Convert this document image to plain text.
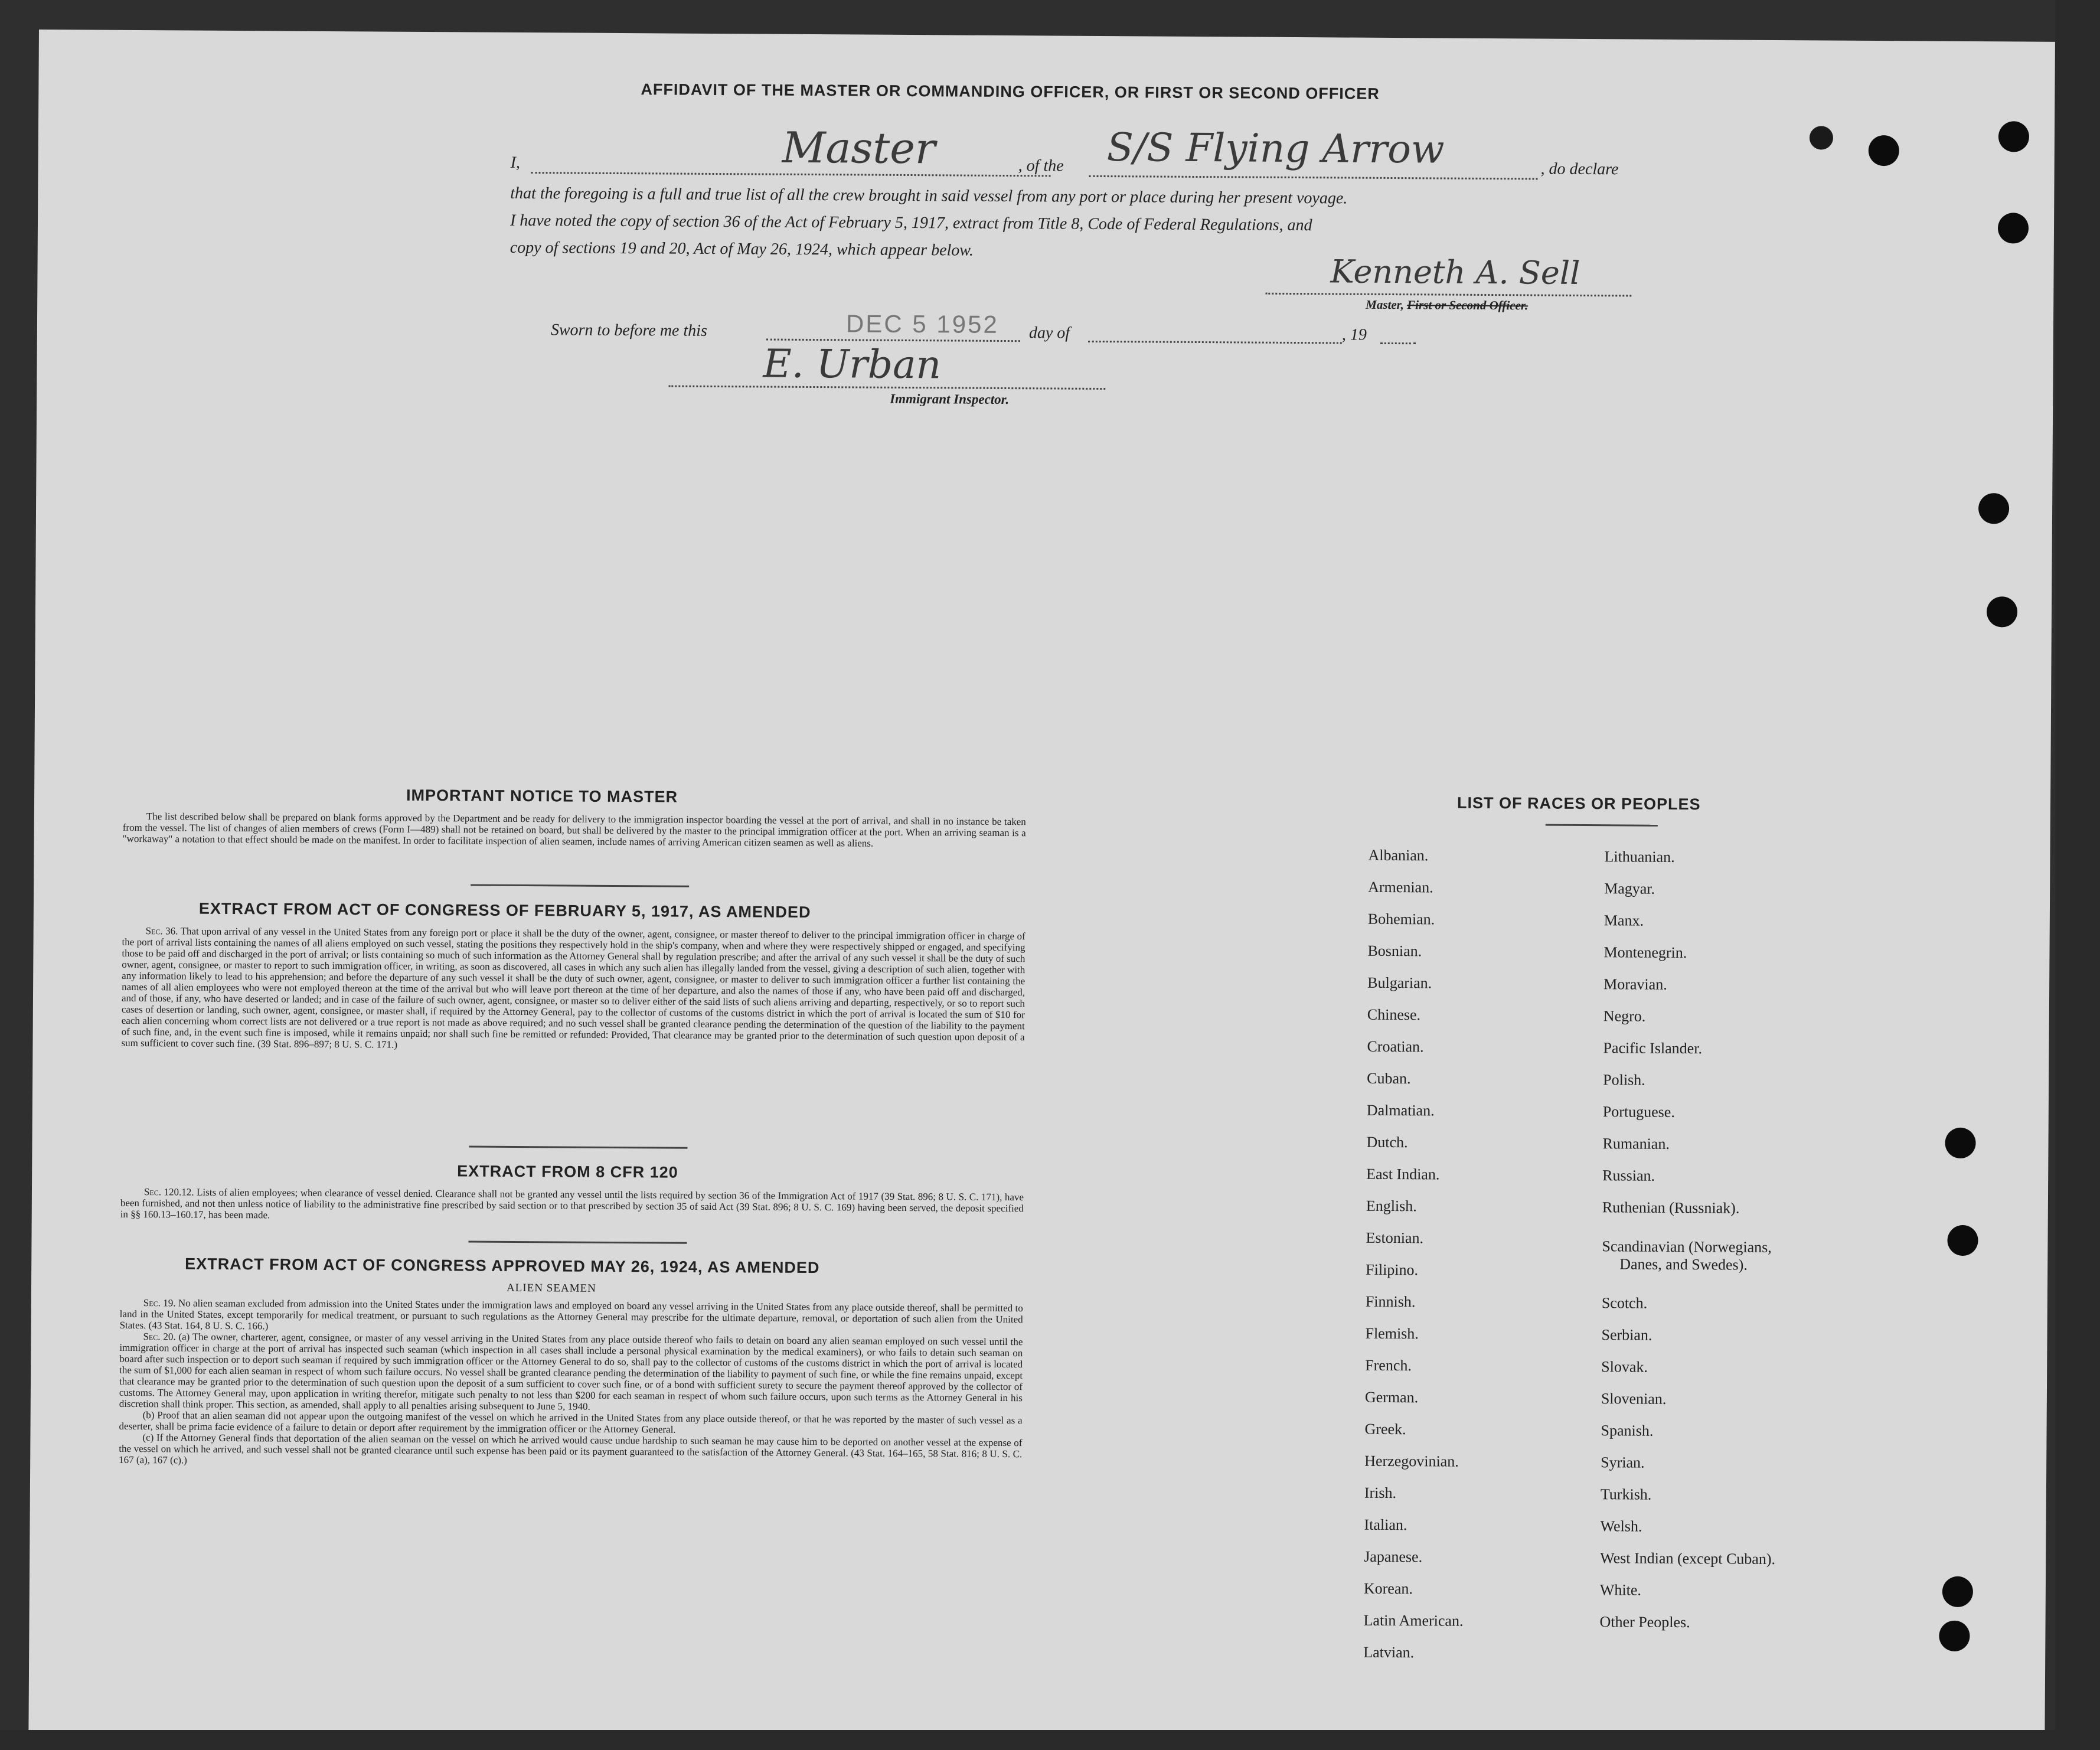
AFFIDAVIT OF THE MASTER OR COMMANDING OFFICER, OR FIRST OR SECOND OFFICER
I,	Master	, of the S/S Flying Arrow	, do declare
that the foregoing is a full and true list of all the crew brought in said vessel from any port or place during her present voyage.
I have noted the copy of section 36 of the Act of February 5, 1917, extract from Title 8, Code of Federal Regulations, and
copy of sections 19 and 20, Act of May 26, 1924, which appear below.
Kenneth A. Sell
Master, First or Second Officer.
Sworn to before me this	DEC 5 1952 day of	, 19
E. Urban
Immigrant Inspector.
IMPORTANT NOTICE TO MASTER

The list described below shall be prepared on blank forms approved by the Department and be ready for delivery to the immigration inspector boarding the vessel at the port of arrival, and shall in no instance be taken from the vessel. The list of changes of alien members of crews (Form I—489) shall not be retained on board, but shall be delivered by the master to the principal immigration officer at the port. When an arriving seaman is a "workaway" a notation to that effect should be made on the manifest. In order to facilitate inspection of alien seamen, include names of arriving American citizen seamen as well as aliens.

EXTRACT FROM ACT OF CONGRESS OF FEBRUARY 5, 1917, AS AMENDED

Sec. 36. That upon arrival of any vessel in the United States from any foreign port or place it shall be the duty of the owner, agent, consignee, or master thereof to deliver to the principal immigration officer in charge of the port of arrival lists containing the names of all aliens employed on such vessel, stating the positions they respectively hold in the ship's company, when and where they were respectively shipped or engaged, and specifying those to be paid off and discharged in the port of arrival; or lists containing so much of such information as the Attorney General shall by regulation prescribe; and after the arrival of any such vessel it shall be the duty of such owner, agent, consignee, or master to report to such immigration officer, in writing, as soon as discovered, all cases in which any such alien has illegally landed from the vessel, giving a description of such alien, together with any information likely to lead to his apprehension; and before the departure of any such vessel it shall be the duty of such owner, agent, consignee, or master to deliver to such immigration officer a further list containing the names of all alien employees who were not employed thereon at the time of the arrival but who will leave port thereon at the time of her departure, and also the names of those if any, who have been paid off and discharged, and of those, if any, who have deserted or landed; and in case of the failure of such owner, agent, consignee, or master so to deliver either of the said lists of such aliens arriving and departing, respectively, or so to report such cases of desertion or landing, such owner, agent, consignee, or master shall, if required by the Attorney General, pay to the collector of customs of the customs district in which the port of arrival is located the sum of $10 for each alien concerning whom correct lists are not delivered or a true report is not made as above required; and no such vessel shall be granted clearance pending the determination of the question of the liability to the payment of such fine, and, in the event such fine is imposed, while it remains unpaid; nor shall such fine be remitted or refunded: Provided, That clearance may be granted prior to the determination of such question upon deposit of a sum sufficient to cover such fine. (39 Stat. 896–897; 8 U. S. C. 171.)

EXTRACT FROM 8 CFR 120

Sec. 120.12. Lists of alien employees; when clearance of vessel denied. Clearance shall not be granted any vessel until the lists required by section 36 of the Immigration Act of 1917 (39 Stat. 896; 8 U. S. C. 171), have been furnished, and not then unless notice of liability to the administrative fine prescribed by said section or to that prescribed by section 35 of said Act (39 Stat. 896; 8 U. S. C. 169) having been served, the deposit specified in §§ 160.13–160.17, has been made.

EXTRACT FROM ACT OF CONGRESS APPROVED MAY 26, 1924, AS AMENDED
ALIEN SEAMEN

Sec. 19. No alien seaman excluded from admission into the United States under the immigration laws and employed on board any vessel arriving in the United States from any place outside thereof, shall be permitted to land in the United States, except temporarily for medical treatment, or pursuant to such regulations as the Attorney General may prescribe for the ultimate departure, removal, or deportation of such alien from the United States. (43 Stat. 164, 8 U. S. C. 166.)

Sec. 20. (a) The owner, charterer, agent, consignee, or master of any vessel arriving in the United States from any place outside thereof who fails to detain on board any alien seaman employed on such vessel until the immigration officer in charge at the port of arrival has inspected such seaman (which inspection in all cases shall include a personal physical examination by the medical examiners), or who fails to detain such seaman on board after such inspection or to deport such seaman if required by such immigration officer or the Attorney General to do so, shall pay to the collector of customs of the customs district in which the port of arrival is located the sum of $1,000 for each alien seaman in respect of whom such failure occurs. No vessel shall be granted clearance pending the determination of the liability to payment of such fine, or while the fine remains unpaid, except that clearance may be granted prior to the determination of such question upon the deposit of a sum sufficient to cover such fine, or of a bond with sufficient surety to secure the payment thereof approved by the collector of customs. The Attorney General may, upon application in writing therefor, mitigate such penalty to not less than $200 for each seaman in respect of whom such failure occurs, upon such terms as the Attorney General in his discretion shall think proper. This section, as amended, shall apply to all penalties arising subsequent to June 5, 1940.

(b) Proof that an alien seaman did not appear upon the outgoing manifest of the vessel on which he arrived in the United States from any place outside thereof, or that he was reported by the master of such vessel as a deserter, shall be prima facie evidence of a failure to detain or deport after requirement by the immigration officer or the Attorney General.

(c) If the Attorney General finds that deportation of the alien seaman on the vessel on which he arrived would cause undue hardship to such seaman he may cause him to be deported on another vessel at the expense of the vessel on which he arrived, and such vessel shall not be granted clearance until such expense has been paid or its payment guaranteed to the satisfaction of the Attorney General. (43 Stat. 164–165, 58 Stat. 816; 8 U. S. C. 167 (a), 167 (c).)

LIST OF RACES OR PEOPLES
Albanian.
Armenian.
Bohemian.
Bosnian.
Bulgarian.
Chinese.
Croatian.
Cuban.
Dalmatian.
Dutch.
East Indian.
English.
Estonian.
Filipino.
Finnish.
Flemish.
French.
German.
Greek.
Herzegovinian.
Irish.
Italian.
Japanese.
Korean.
Latin American.
Latvian.
Lithuanian.
Magyar.
Manx.
Montenegrin.
Moravian.
Negro.
Pacific Islander.
Polish.
Portuguese.
Rumanian.
Russian.
Ruthenian (Russniak).
Scandinavian (Norwegians,
Danes, and Swedes).
Scotch.
Serbian.
Slovak.
Slovenian.
Spanish.
Syrian.
Turkish.
Welsh.
West Indian (except Cuban).
White.
Other Peoples.
